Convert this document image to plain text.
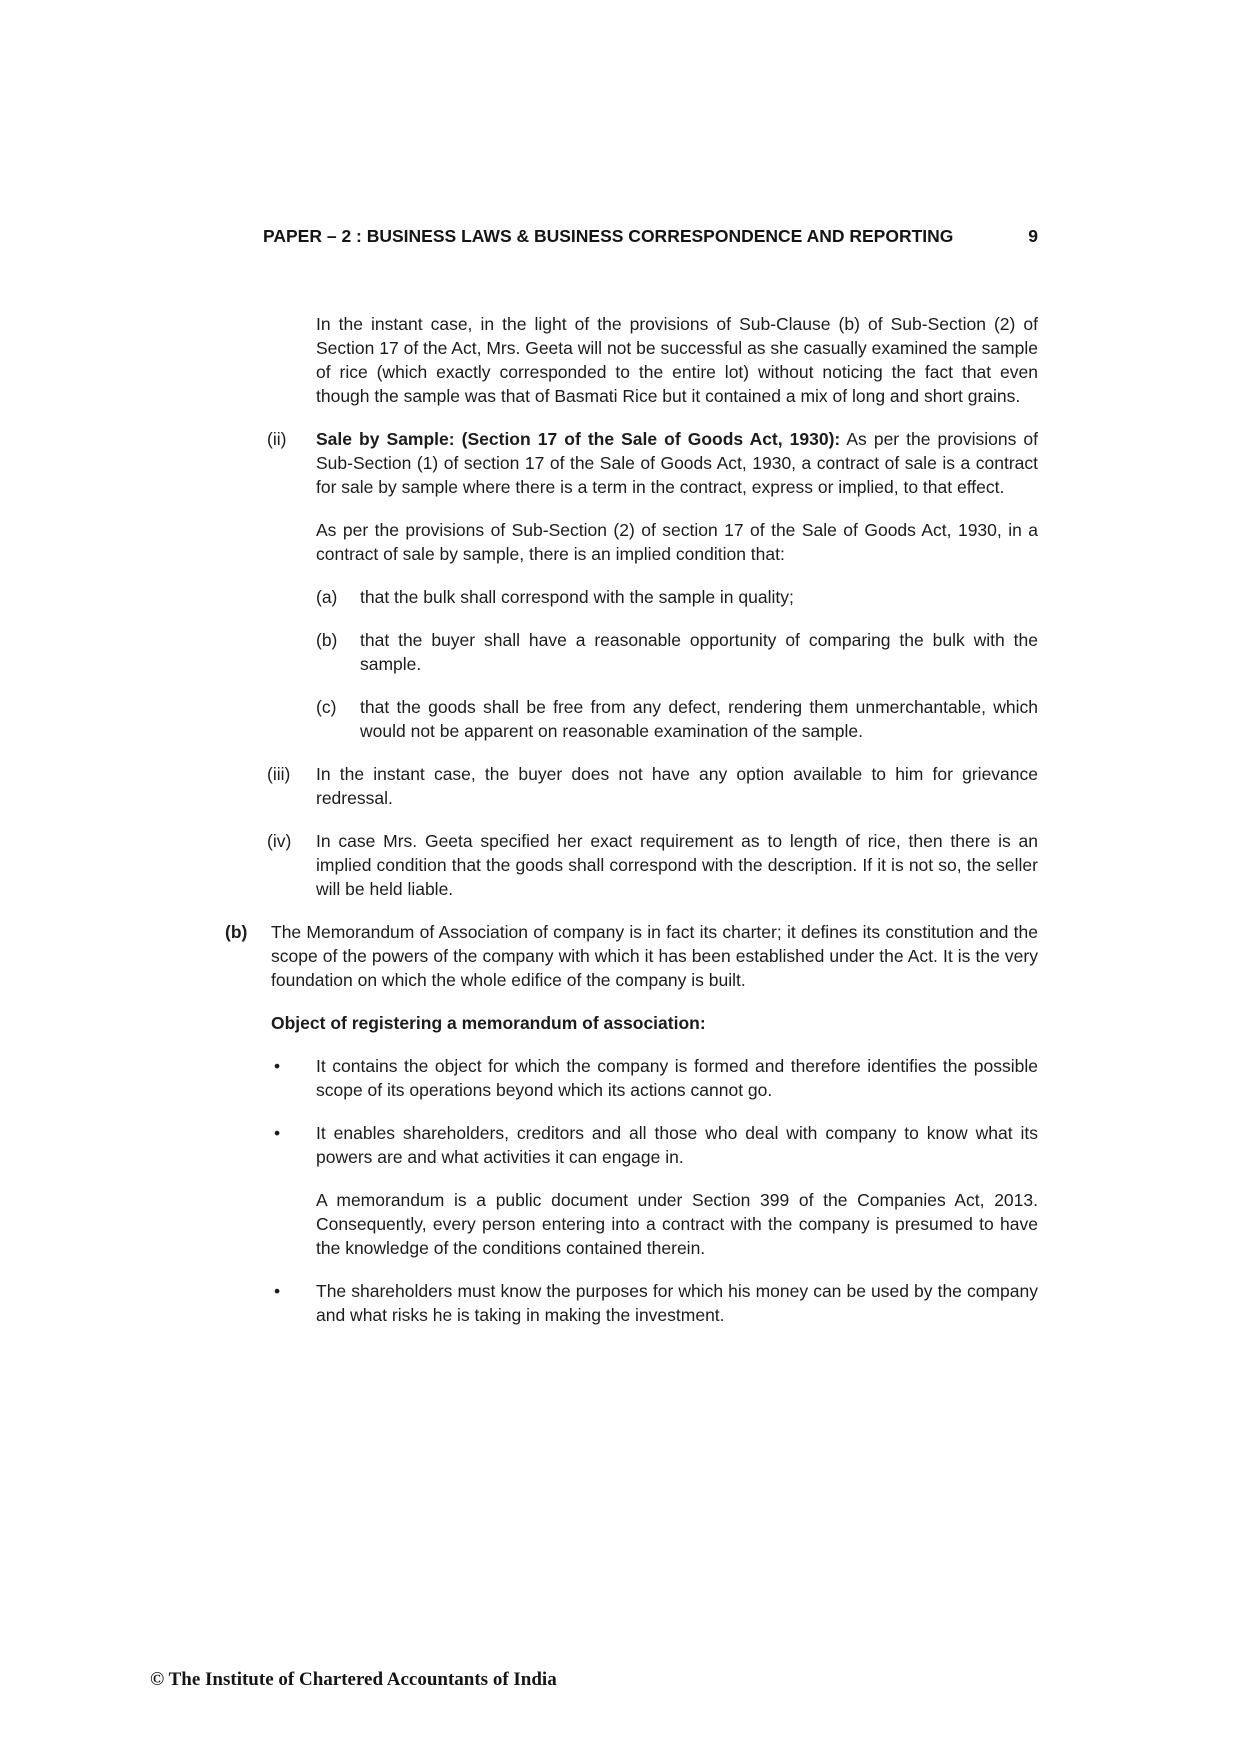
PAPER – 2 : BUSINESS LAWS & BUSINESS CORRESPONDENCE AND REPORTING	9

In the instant case, in the light of the provisions of Sub-Clause (b) of Sub-Section (2) of Section 17 of the Act, Mrs. Geeta will not be successful as she casually examined the sample of rice (which exactly corresponded to the entire lot) without noticing the fact that even though the sample was that of Basmati Rice but it contained a mix of long and short grains.

(ii)	Sale by Sample: (Section 17 of the Sale of Goods Act, 1930): As per the provisions of Sub-Section (1) of section 17 of the Sale of Goods Act, 1930, a contract of sale is a contract for sale by sample where there is a term in the contract, express or implied, to that effect.

As per the provisions of Sub-Section (2) of section 17 of the Sale of Goods Act, 1930, in a contract of sale by sample, there is an implied condition that:

(a)	that the bulk shall correspond with the sample in quality;
(b)	that the buyer shall have a reasonable opportunity of comparing the bulk with the sample.
(c)	that the goods shall be free from any defect, rendering them unmerchantable, which would not be apparent on reasonable examination of the sample.
(iii)	In the instant case, the buyer does not have any option available to him for grievance redressal.
(iv)	In case Mrs. Geeta specified her exact requirement as to length of rice, then there is an implied condition that the goods shall correspond with the description. If it is not so, the seller will be held liable.
(b)	The Memorandum of Association of company is in fact its charter; it defines its constitution and the scope of the powers of the company with which it has been established under the Act. It is the very foundation on which the whole edifice of the company is built.

Object of registering a memorandum of association:

•	It contains the object for which the company is formed and therefore identifies the possible scope of its operations beyond which its actions cannot go.
•	It enables shareholders, creditors and all those who deal with company to know what its powers are and what activities it can engage in.

A memorandum is a public document under Section 399 of the Companies Act, 2013. Consequently, every person entering into a contract with the company is presumed to have the knowledge of the conditions contained therein.

•	The shareholders must know the purposes for which his money can be used by the company and what risks he is taking in making the investment.
© The Institute of Chartered Accountants of India
